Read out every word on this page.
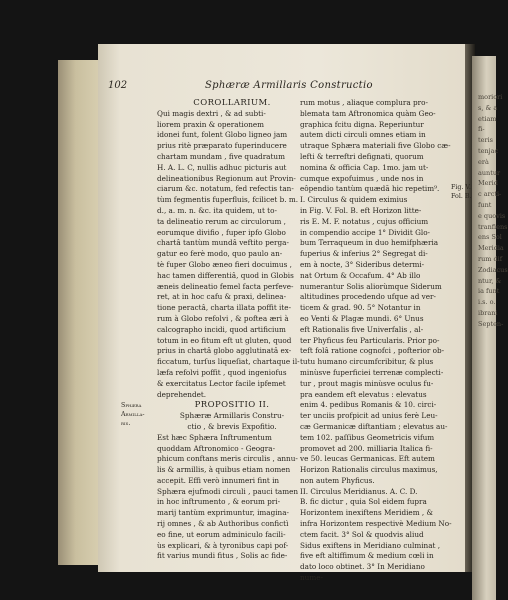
moriori
s, & a
etiam
fi-
teris
tenjac
erà
auntur
Merid
c arcti-
funt
e quovis
tranfiens
ens Sol
Meridia
rum dif
Zodiacus
ntur, &
ia funt
i.s. o.
ibrani
Septen-
102	Sphæræ Armillaris Constructio
COROLLARIUM.
Qui magis dextri , & ad subti-
liorem praxin & operationem
idonei funt, folent Globo ligneo jam
prius ritè præparato fuperinducere
chartam mundam , five quadratum
H. A. L. C, nullis adhuc picturis aut
delineationibus Regionum aut Provin-
ciarum &c. notatum, fed refectis tan-
tùm fegmentis fuperfluis, fcilicet b. m.
d., a. m. n. &c. ita quidem, ut to-
ta delineatio rerum ac circulorum ,
eorumque divifio , fuper ipfo Globo
chartâ tantùm mundâ veftito perga-
gatur eo ferè modo, quo paulo an-
tè fuper Globo æneo fieri docuimus ,
hac tamen differentiâ, quod in Globis
æneis delineatio femel facta perfeve-
ret, at in hoc cafu & praxi, delinea-
tione peractâ, charta illata poffit ite-
rum à Globo refolvi , & poftea æri à
calcographo incidi, quod artificium
totum in eo fitum eft ut gluten, quod
prius in chartâ globo agglutinatâ ex-
ficcatum, turſus liqueſiat, chartaque il-
læfa refolvi poffit , quod ingeniofus
& exercitatus Lector facile ipfemet
deprehendet.
PROPOSITIO II.
Sphæræ Armillaris Constru-
ctio , & brevis Expofitio.
Est hæc Sphæra Inftrumentum
quoddam Aftronomico - Geogra-
phicum conftans meris circulis , annu-
lis & armillis, à quibus etiam nomen
accepit. Effi verò innumeri fint in
Sphæra ejufmodi circuli , pauci tamen
in hoc inftrumento , & eorum pri-
marij tantùm exprimuntur, imagina-
rij omnes , & ab Authoribus confictì
eo fine, ut eorum adminiculo facili-
ùs explicari, & à tyronibus capi pof-
fit varius mundi fitus , Solis ac fide-
rum motus , aliaque complura pro-
blemata tam Aftronomica quàm Geo-
graphica fcitu digna. Reperiuntur
autem dicti circuli omnes etiam in
utraque Sphæra materiali five Globo cæ-
lefti & terreftri defignati, quorum
nomina & officia Cap. 1mo. jam ut-
cumque expofuimus , unde nos in
eôpendio tantùm quædā hic repetim⁹.
I. Circulus & quidem eximius
in Fig. V. Fol. B. eft Horizon litte-
ris E. M. F. notatus , cujus officium
in compendio accipe 1° Dividit Glo-
bum Terraqueum in duo hemifphæria
fuperius & inferius 2° Segregat di-
em à nocte, 3° Sideribus determi-
nat Ortum & Occafum. 4° Ab illo
numerantur Solis aliorùmque Siderum
altitudines procedendo ufque ad ver-
ticem & grad. 90. 5° Notantur in
eo Venti & Plagæ mundi. 6° Unus
eft Rationalis five Univerfalis , al-
ter Phyficus feu Particularis. Prior po-
teft folâ ratione cognofci , pofterior ob-
tutu humano circumfcribitur, & plus
minùsve fuperficiei terrenæ complecti-
tur , prout magis minùsve oculus fu-
pra eandem eft elevatus : elevatus
enim 4. pedibus Romanis & 10. circi-
ter unciis profpicit ad unius ferè Leu-
cæ Germanicæ diftantiam ; elevatus au-
tem 102. paſſibus Geometricis vifum
promovet ad 200. milliaria Italica fi-
ve 50. leucas Germanicas. Eft autem
Horizon Rationalis circulus maximus,
non autem Phyficus.
II. Circulus Meridianus. A. C. D.
B. fic dictur , quia Sol eidem fupra
Horizontem inexiftens Meridiem , &
infra Horizontem respectivè Medium No-
ctem facit. 3° Sol & quodvis aliud
Sidus exiftens in Meridiano culminat ,
five eft altiffimum & medium cœli in
dato loco obtinet. 3° In Meridiano
nume-
Sphæra
Armilla-
ris.
Fig. V.
Fol. B.
